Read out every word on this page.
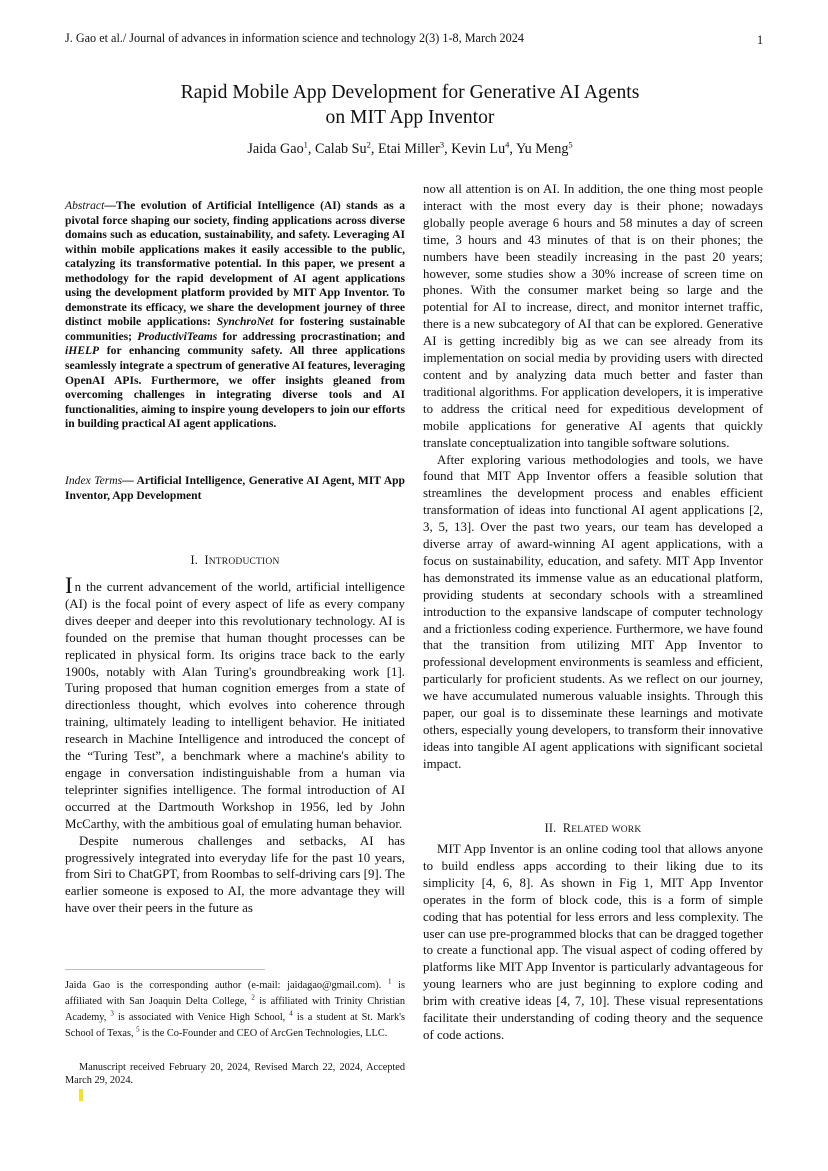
J. Gao et al./ Journal of advances in information science and technology 2(3) 1-8, March 2024	1
Rapid Mobile App Development for Generative AI Agents
on MIT App Inventor
Jaida Gao$^1$, Calab Su$^2$, Etai Miller$^3$, Kevin Lu$^4$, Yu Meng$^5$
Abstract—The evolution of Artificial Intelligence (AI) stands as a pivotal force shaping our society, finding applications across diverse domains such as education, sustainability, and safety. Leveraging AI within mobile applications makes it easily accessible to the public, catalyzing its transformative potential. In this paper, we present a methodology for the rapid development of AI agent applications using the development platform provided by MIT App Inventor. To demonstrate its efficacy, we share the development journey of three distinct mobile applications: SynchroNet for fostering sustainable communities; ProductiviTeams for addressing procrastination; and iHELP for enhancing community safety. All three applications seamlessly integrate a spectrum of generative AI features, leveraging OpenAI APIs. Furthermore, we offer insights gleaned from overcoming challenges in integrating diverse tools and AI functionalities, aiming to inspire young developers to join our efforts in building practical AI agent applications.
Index Terms— Artificial Intelligence, Generative AI Agent, MIT App Inventor, App Development
I. INTRODUCTION

In the current advancement of the world, artificial intelligence (AI) is the focal point of every aspect of life as every company dives deeper and deeper into this revolutionary technology. AI is founded on the premise that human thought processes can be replicated in physical form. Its origins trace back to the early 1900s, notably with Alan Turing's groundbreaking work [1]. Turing proposed that human cognition emerges from a state of directionless thought, which evolves into coherence through training, ultimately leading to intelligent behavior. He initiated research in Machine Intelligence and introduced the concept of the “Turing Test”, a benchmark where a machine's ability to engage in conversation indistinguishable from a human via teleprinter signifies intelligence. The formal introduction of AI occurred at the Dartmouth Workshop in 1956, led by John McCarthy, with the ambitious goal of emulating human behavior.

Despite numerous challenges and setbacks, AI has progressively integrated into everyday life for the past 10 years, from Siri to ChatGPT, from Roombas to self-driving cars [9]. The earlier someone is exposed to AI, the more advantage they will have over their peers in the future as

now all attention is on AI. In addition, the one thing most people interact with the most every day is their phone; nowadays globally people average 6 hours and 58 minutes a day of screen time, 3 hours and 43 minutes of that is on their phones; the numbers have been steadily increasing in the past 20 years; however, some studies show a 30% increase of screen time on phones. With the consumer market being so large and the potential for AI to increase, direct, and monitor internet traffic, there is a new subcategory of AI that can be explored. Generative AI is getting incredibly big as we can see already from its implementation on social media by providing users with directed content and by analyzing data much better and faster than traditional algorithms. For application developers, it is imperative to address the critical need for expeditious development of mobile applications for generative AI agents that quickly translate conceptualization into tangible software solutions.

After exploring various methodologies and tools, we have found that MIT App Inventor offers a feasible solution that streamlines the development process and enables efficient transformation of ideas into functional AI agent applications [2, 3, 5, 13]. Over the past two years, our team has developed a diverse array of award-winning AI agent applications, with a focus on sustainability, education, and safety. MIT App Inventor has demonstrated its immense value as an educational platform, providing students at secondary schools with a streamlined introduction to the expansive landscape of computer technology and a frictionless coding experience. Furthermore, we have found that the transition from utilizing MIT App Inventor to professional development environments is seamless and efficient, particularly for proficient students. As we reflect on our journey, we have accumulated numerous valuable insights. Through this paper, our goal is to disseminate these learnings and motivate others, especially young developers, to transform their innovative ideas into tangible AI agent applications with significant societal impact.

II. RELATED WORK

MIT App Inventor is an online coding tool that allows anyone to build endless apps according to their liking due to its simplicity [4, 6, 8]. As shown in Fig 1, MIT App Inventor operates in the form of block code, this is a form of simple coding that has potential for less errors and less complexity. The user can use pre-programmed blocks that can be dragged together to create a functional app. The visual aspect of coding offered by platforms like MIT App Inventor is particularly advantageous for young learners who are just beginning to explore coding and brim with creative ideas [4, 7, 10]. These visual representations facilitate their understanding of coding theory and the sequence of code actions.

Jaida Gao is the corresponding author (e-mail: jaidagao@gmail.com). $^1$ is affiliated with San Joaquin Delta College, $^2$ is affiliated with Trinity Christian Academy, $^3$ is associated with Venice High School, $^4$ is a student at St. Mark's School of Texas, $^5$ is the Co-Founder and CEO of ArcGen Technologies, LLC.
Manuscript received February 20, 2024, Revised March 22, 2024, Accepted March 29, 2024.
